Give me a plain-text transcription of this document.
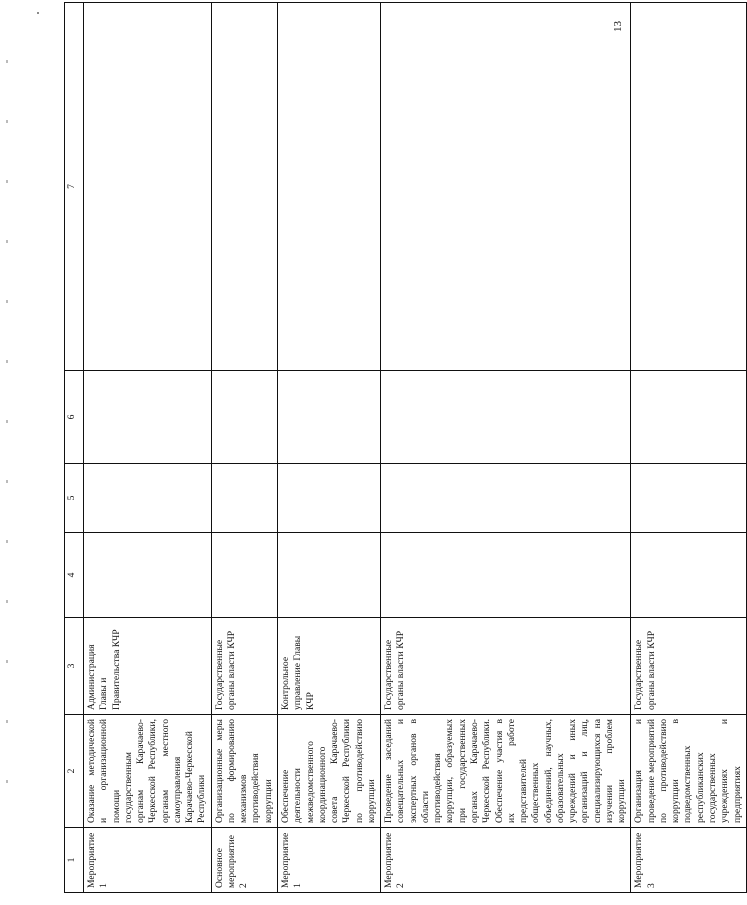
13
1	2	3	4	5	6	7
Мероприятие 1	Оказание методической и организационной помощи государственным органам Карачаево-Черкесской Республики, органам местного самоуправления Карачаево-Черкесской Республики	Администрация Главы и Правительства КЧР				
Основное мероприятие 2	Организационные меры по формированию механизмов противодействия коррупции	Государственные органы власти КЧР				
Мероприятие 1	Обеспечение деятельности межведомственного координационного совета Карачаево-Черкесской Республики по противодействию коррупции	Контрольное управление Главы КЧР				
Мероприятие 2	Проведение заседаний совещательных и экспертных органов в области противодействия коррупции, образуемых при государственных органах Карачаево-Черкесской Республики. Обеспечение участия в их работе представителей общественных объединений, научных, образовательных учреждений и иных организаций и лиц, специализирующихся на изучении проблем коррупции	Государственные органы власти КЧР				
Мероприятие 3	Организация и проведение мероприятий по противодействию коррупции в подведомственных республиканских государственных учреждениях и предприятиях	Государственные органы власти КЧР				
